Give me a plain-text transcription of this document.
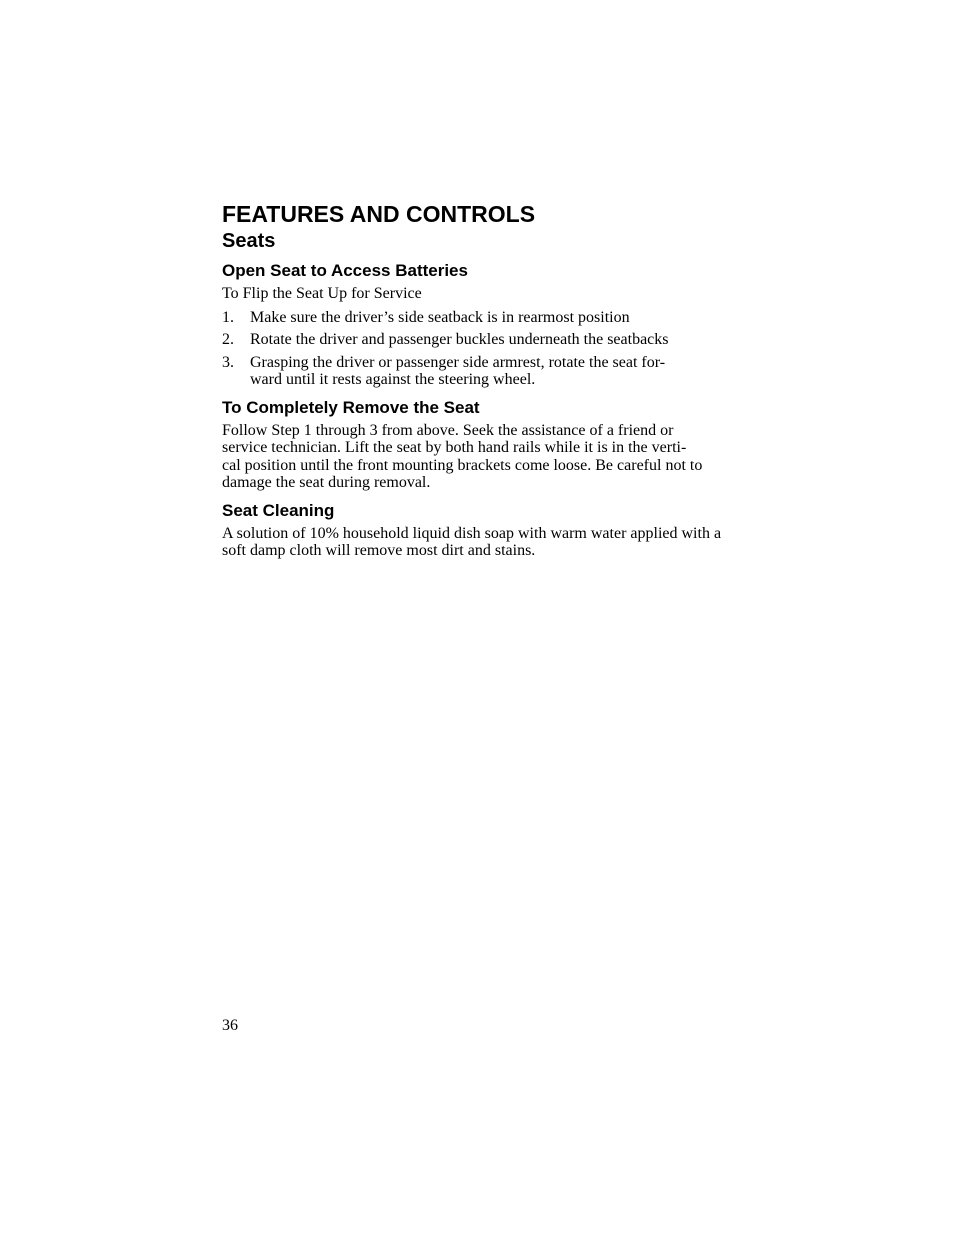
FEATURES AND CONTROLS
Seats
Open Seat to Access Batteries

To Flip the Seat Up for Service

1. Make sure the driver’s side seatback is in rearmost position
2. Rotate the driver and passenger buckles underneath the seatbacks
3. Grasping the driver or passenger side armrest, rotate the seat for-
ward until it rests against the steering wheel.
To Completely Remove the Seat

Follow Step 1 through 3 from above. Seek the assistance of a friend or service technician. Lift the seat by both hand rails while it is in the verti-
cal position until the front mounting brackets come loose. Be careful not to damage the seat during removal.

Seat Cleaning

A solution of 10% household liquid dish soap with warm water applied with a soft damp cloth will remove most dirt and stains.

36
